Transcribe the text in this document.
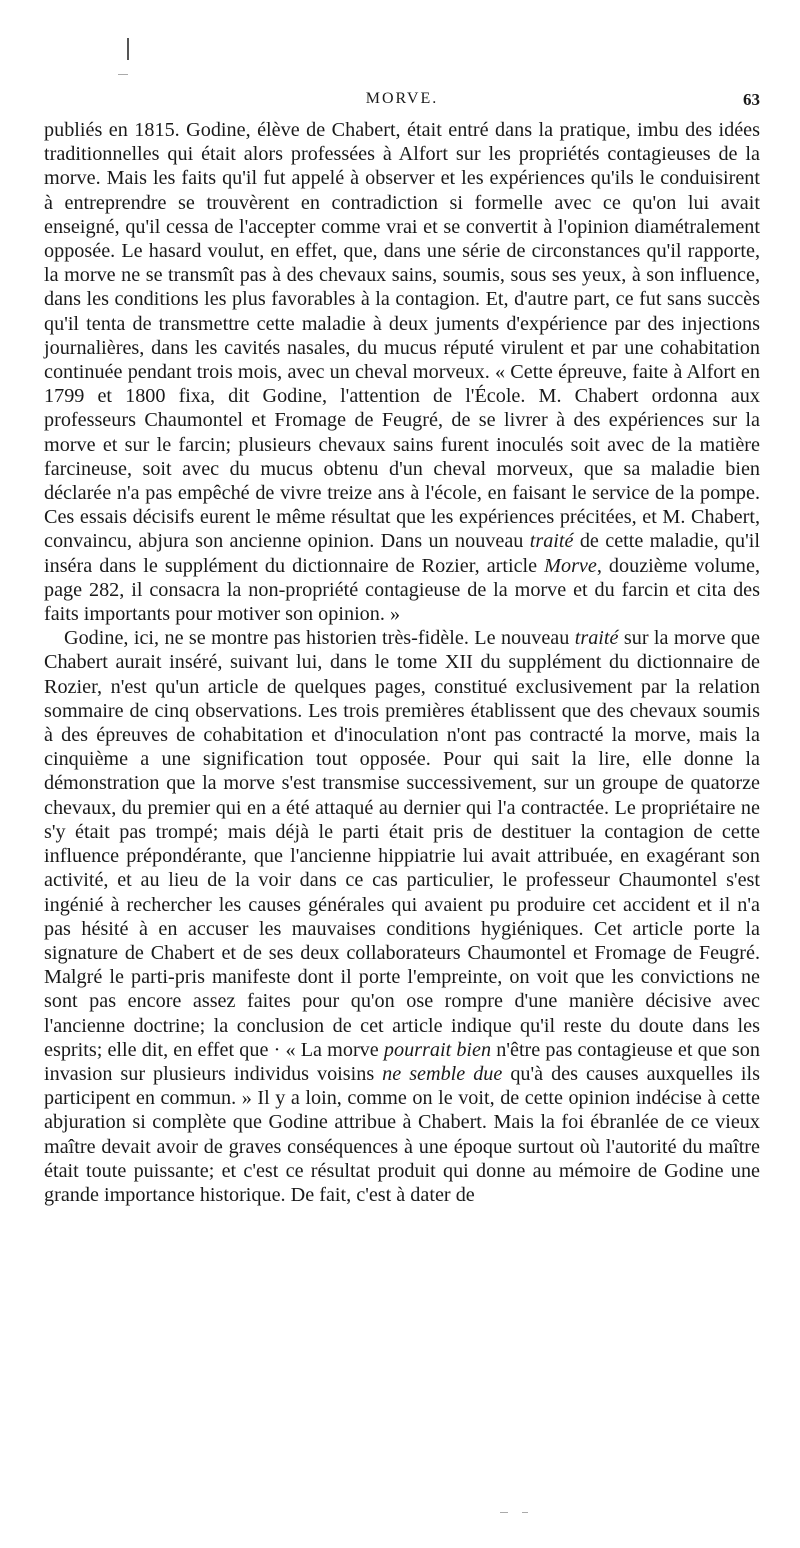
MORVE.	63

publiés en 1815. Godine, élève de Chabert, était entré dans la pratique, imbu des idées traditionnelles qui était alors professées à Alfort sur les propriétés contagieuses de la morve. Mais les faits qu'il fut appelé à observer et les expériences qu'ils le conduisirent à entreprendre se trouvèrent en contradiction si formelle avec ce qu'on lui avait enseigné, qu'il cessa de l'accepter comme vrai et se convertit à l'opinion diamétralement opposée. Le hasard voulut, en effet, que, dans une série de circonstances qu'il rapporte, la morve ne se transmît pas à des chevaux sains, soumis, sous ses yeux, à son influence, dans les conditions les plus favorables à la contagion. Et, d'autre part, ce fut sans succès qu'il tenta de transmettre cette maladie à deux juments d'expérience par des injections journalières, dans les cavités nasales, du mucus réputé virulent et par une cohabitation continuée pendant trois mois, avec un cheval morveux. « Cette épreuve, faite à Alfort en 1799 et 1800 fixa, dit Godine, l'attention de l'École. M. Chabert ordonna aux professeurs Chaumontel et Fromage de Feugré, de se livrer à des expériences sur la morve et sur le farcin; plusieurs chevaux sains furent inoculés soit avec de la matière farcineuse, soit avec du mucus obtenu d'un cheval morveux, que sa maladie bien déclarée n'a pas empêché de vivre treize ans à l'école, en faisant le service de la pompe. Ces essais décisifs eurent le même résultat que les expériences précitées, et M. Chabert, convaincu, abjura son ancienne opinion. Dans un nouveau traité de cette maladie, qu'il inséra dans le supplément du dictionnaire de Rozier, article Morve, douzième volume, page 282, il consacra la non-propriété contagieuse de la morve et du farcin et cita des faits importants pour motiver son opinion. »

Godine, ici, ne se montre pas historien très-fidèle. Le nouveau traité sur la morve que Chabert aurait inséré, suivant lui, dans le tome XII du supplément du dictionnaire de Rozier, n'est qu'un article de quelques pages, constitué exclusivement par la relation sommaire de cinq observations. Les trois premières établissent que des chevaux soumis à des épreuves de cohabitation et d'inoculation n'ont pas contracté la morve, mais la cinquième a une signification tout opposée. Pour qui sait la lire, elle donne la démonstration que la morve s'est transmise successivement, sur un groupe de quatorze chevaux, du premier qui en a été attaqué au dernier qui l'a contractée. Le propriétaire ne s'y était pas trompé; mais déjà le parti était pris de destituer la contagion de cette influence prépondérante, que l'ancienne hippiatrie lui avait attribuée, en exagérant son activité, et au lieu de la voir dans ce cas particulier, le professeur Chaumontel s'est ingénié à rechercher les causes générales qui avaient pu produire cet accident et il n'a pas hésité à en accuser les mauvaises conditions hygiéniques. Cet article porte la signature de Chabert et de ses deux collaborateurs Chaumontel et Fromage de Feugré. Malgré le parti-pris manifeste dont il porte l'empreinte, on voit que les convictions ne sont pas encore assez faites pour qu'on ose rompre d'une manière décisive avec l'ancienne doctrine; la conclusion de cet article indique qu'il reste du doute dans les esprits; elle dit, en effet que · « La morve pourrait bien n'être pas contagieuse et que son invasion sur plusieurs individus voisins ne semble due qu'à des causes auxquelles ils participent en commun. » Il y a loin, comme on le voit, de cette opinion indécise à cette abjuration si complète que Godine attribue à Chabert. Mais la foi ébranlée de ce vieux maître devait avoir de graves conséquences à une époque surtout où l'autorité du maître était toute puissante; et c'est ce résultat produit qui donne au mémoire de Godine une grande importance historique. De fait, c'est à dater de
